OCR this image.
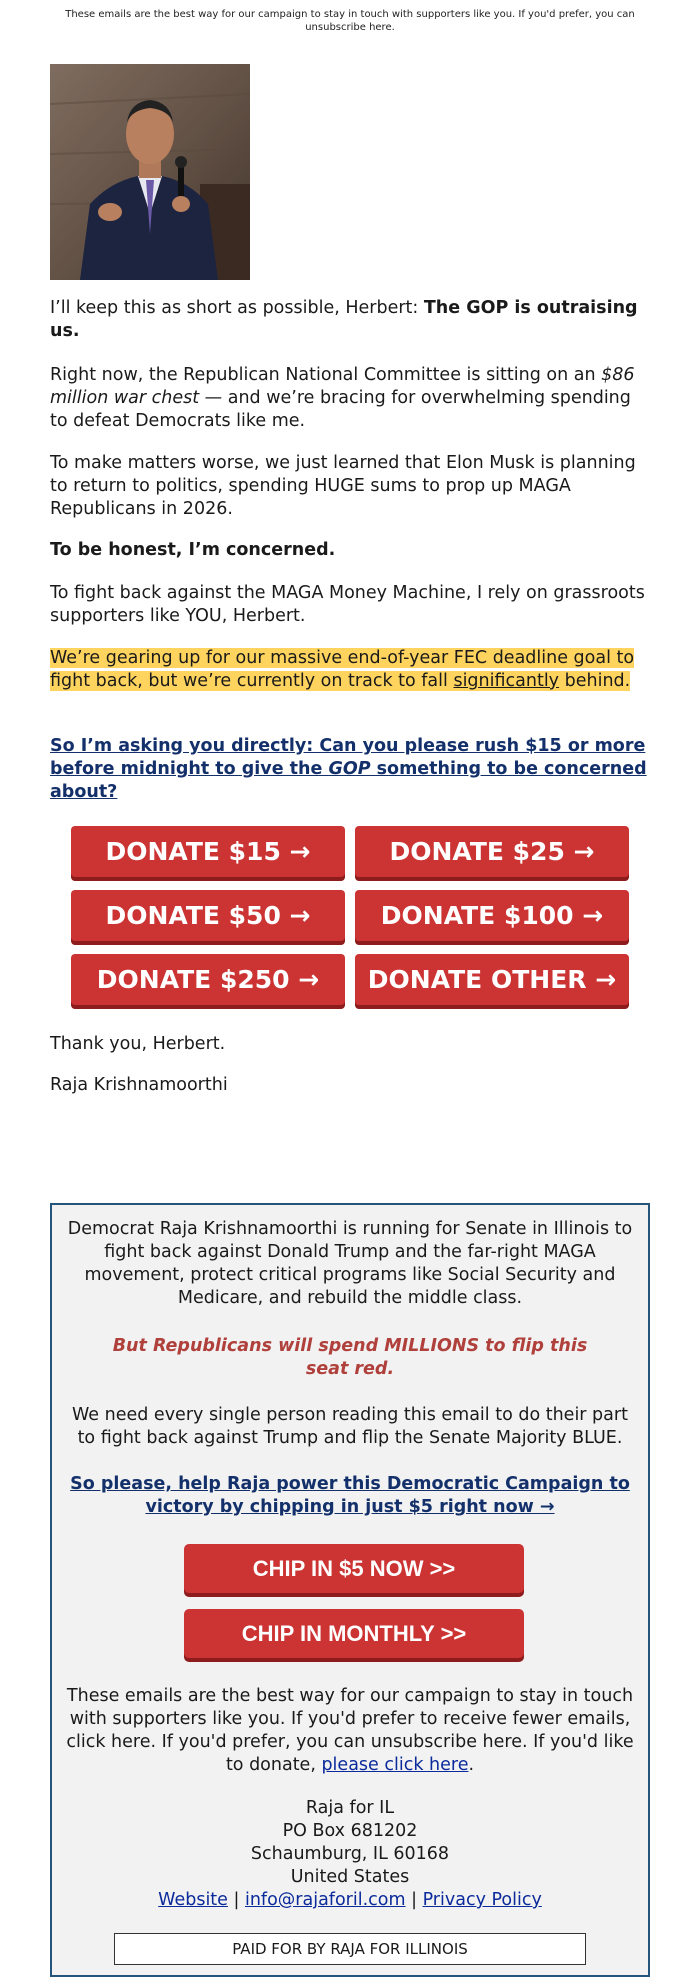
These emails are the best way for our campaign to stay in touch with supporters like you. If you'd prefer, you can unsubscribe here.

I’ll keep this as short as possible, Herbert: The GOP is outraising us.

Right now, the Republican National Committee is sitting on an $86 million war chest — and we’re bracing for overwhelming spending to defeat Democrats like me.

To make matters worse, we just learned that Elon Musk is planning to return to politics, spending HUGE sums to prop up MAGA Republicans in 2026.

To be honest, I’m concerned.

To fight back against the MAGA Money Machine, I rely on grassroots supporters like YOU, Herbert.

We’re gearing up for our massive end-of-year FEC deadline goal to fight back, but we’re currently on track to fall significantly behind.

So I’m asking you directly: Can you please rush $15 or more before midnight to give the GOP something to be concerned about?

DONATE $15 →	DONATE $25 →
DONATE $50 →	DONATE $100 →
DONATE $250 →	DONATE OTHER →
Thank you, Herbert.
Raja Krishnamoorthi
Democrat Raja Krishnamoorthi is running for Senate in Illinois to fight back against Donald Trump and the far-right MAGA movement, protect critical programs like Social Security and Medicare, and rebuild the middle class.
But Republicans will spend MILLIONS to flip this seat red.
We need every single person reading this email to do their part to fight back against Trump and flip the Senate Majority BLUE.
So please, help Raja power this Democratic Campaign to victory by chipping in just $5 right now →
CHIP IN $5 NOW >>
CHIP IN MONTHLY >>
These emails are the best way for our campaign to stay in touch with supporters like you. If you'd prefer to receive fewer emails, click here. If you'd prefer, you can unsubscribe here. If you'd like to donate, please click here.
Raja for IL
PO Box 681202
Schaumburg, IL 60168
United States
Website | info@rajaforil.com | Privacy Policy
PAID FOR BY RAJA FOR ILLINOIS
